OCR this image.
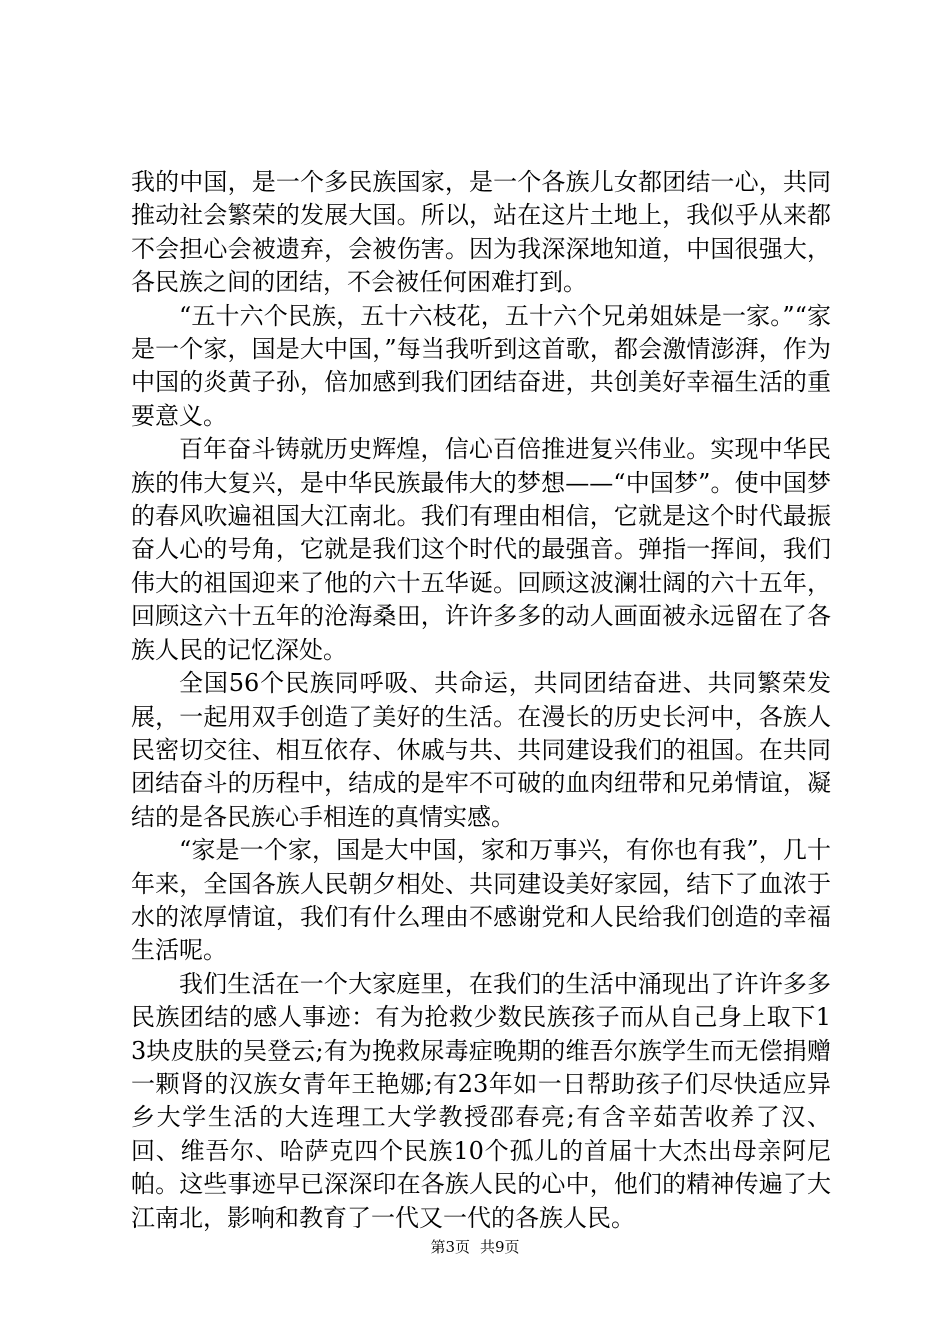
我的中国，是一个多民族国家，是一个各族儿女都团结一心，共同推动社会繁荣的发展大国。所以，站在这片土地上，我似乎从来都不会担心会被遗弃，会被伤害。因为我深深地知道，中国很强大，各民族之间的团结，不会被任何困难打到。

“五十六个民族，五十六枝花，五十六个兄弟姐妹是一家。”“家是一个家，国是大中国，”每当我听到这首歌，都会激情澎湃，作为中国的炎黄子孙，倍加感到我们团结奋进，共创美好幸福生活的重要意义。

百年奋斗铸就历史辉煌，信心百倍推进复兴伟业。实现中华民族的伟大复兴，是中华民族最伟大的梦想——“中国梦”。使中国梦的春风吹遍祖国大江南北。我们有理由相信，它就是这个时代最振奋人心的号角，它就是我们这个时代的最强音。弹指一挥间，我们伟大的祖国迎来了他的六十五华诞。回顾这波澜壮阔的六十五年，回顾这六十五年的沧海桑田，许许多多的动人画面被永远留在了各族人民的记忆深处。

全国56个民族同呼吸、共命运，共同团结奋进、共同繁荣发展，一起用双手创造了美好的生活。在漫长的历史长河中，各族人民密切交往、相互依存、休戚与共、共同建设我们的祖国。在共同团结奋斗的历程中，结成的是牢不可破的血肉纽带和兄弟情谊，凝结的是各民族心手相连的真情实感。

“家是一个家，国是大中国，家和万事兴，有你也有我”，几十年来，全国各族人民朝夕相处、共同建设美好家园，结下了血浓于水的浓厚情谊，我们有什么理由不感谢党和人民给我们创造的幸福生活呢。

我们生活在一个大家庭里，在我们的生活中涌现出了许许多多民族团结的感人事迹：有为抢救少数民族孩子而从自己身上取下13块皮肤的吴登云;有为挽救尿毒症晚期的维吾尔族学生而无偿捐赠一颗肾的汉族女青年王艳娜;有23年如一日帮助孩子们尽快适应异乡大学生活的大连理工大学教授邵春亮;有含辛茹苦收养了汉、回、维吾尔、哈萨克四个民族10个孤儿的首届十大杰出母亲阿尼帕。这些事迹早已深深印在各族人民的心中，他们的精神传遍了大江南北，影响和教育了一代又一代的各族人民。

第3页 共9页
